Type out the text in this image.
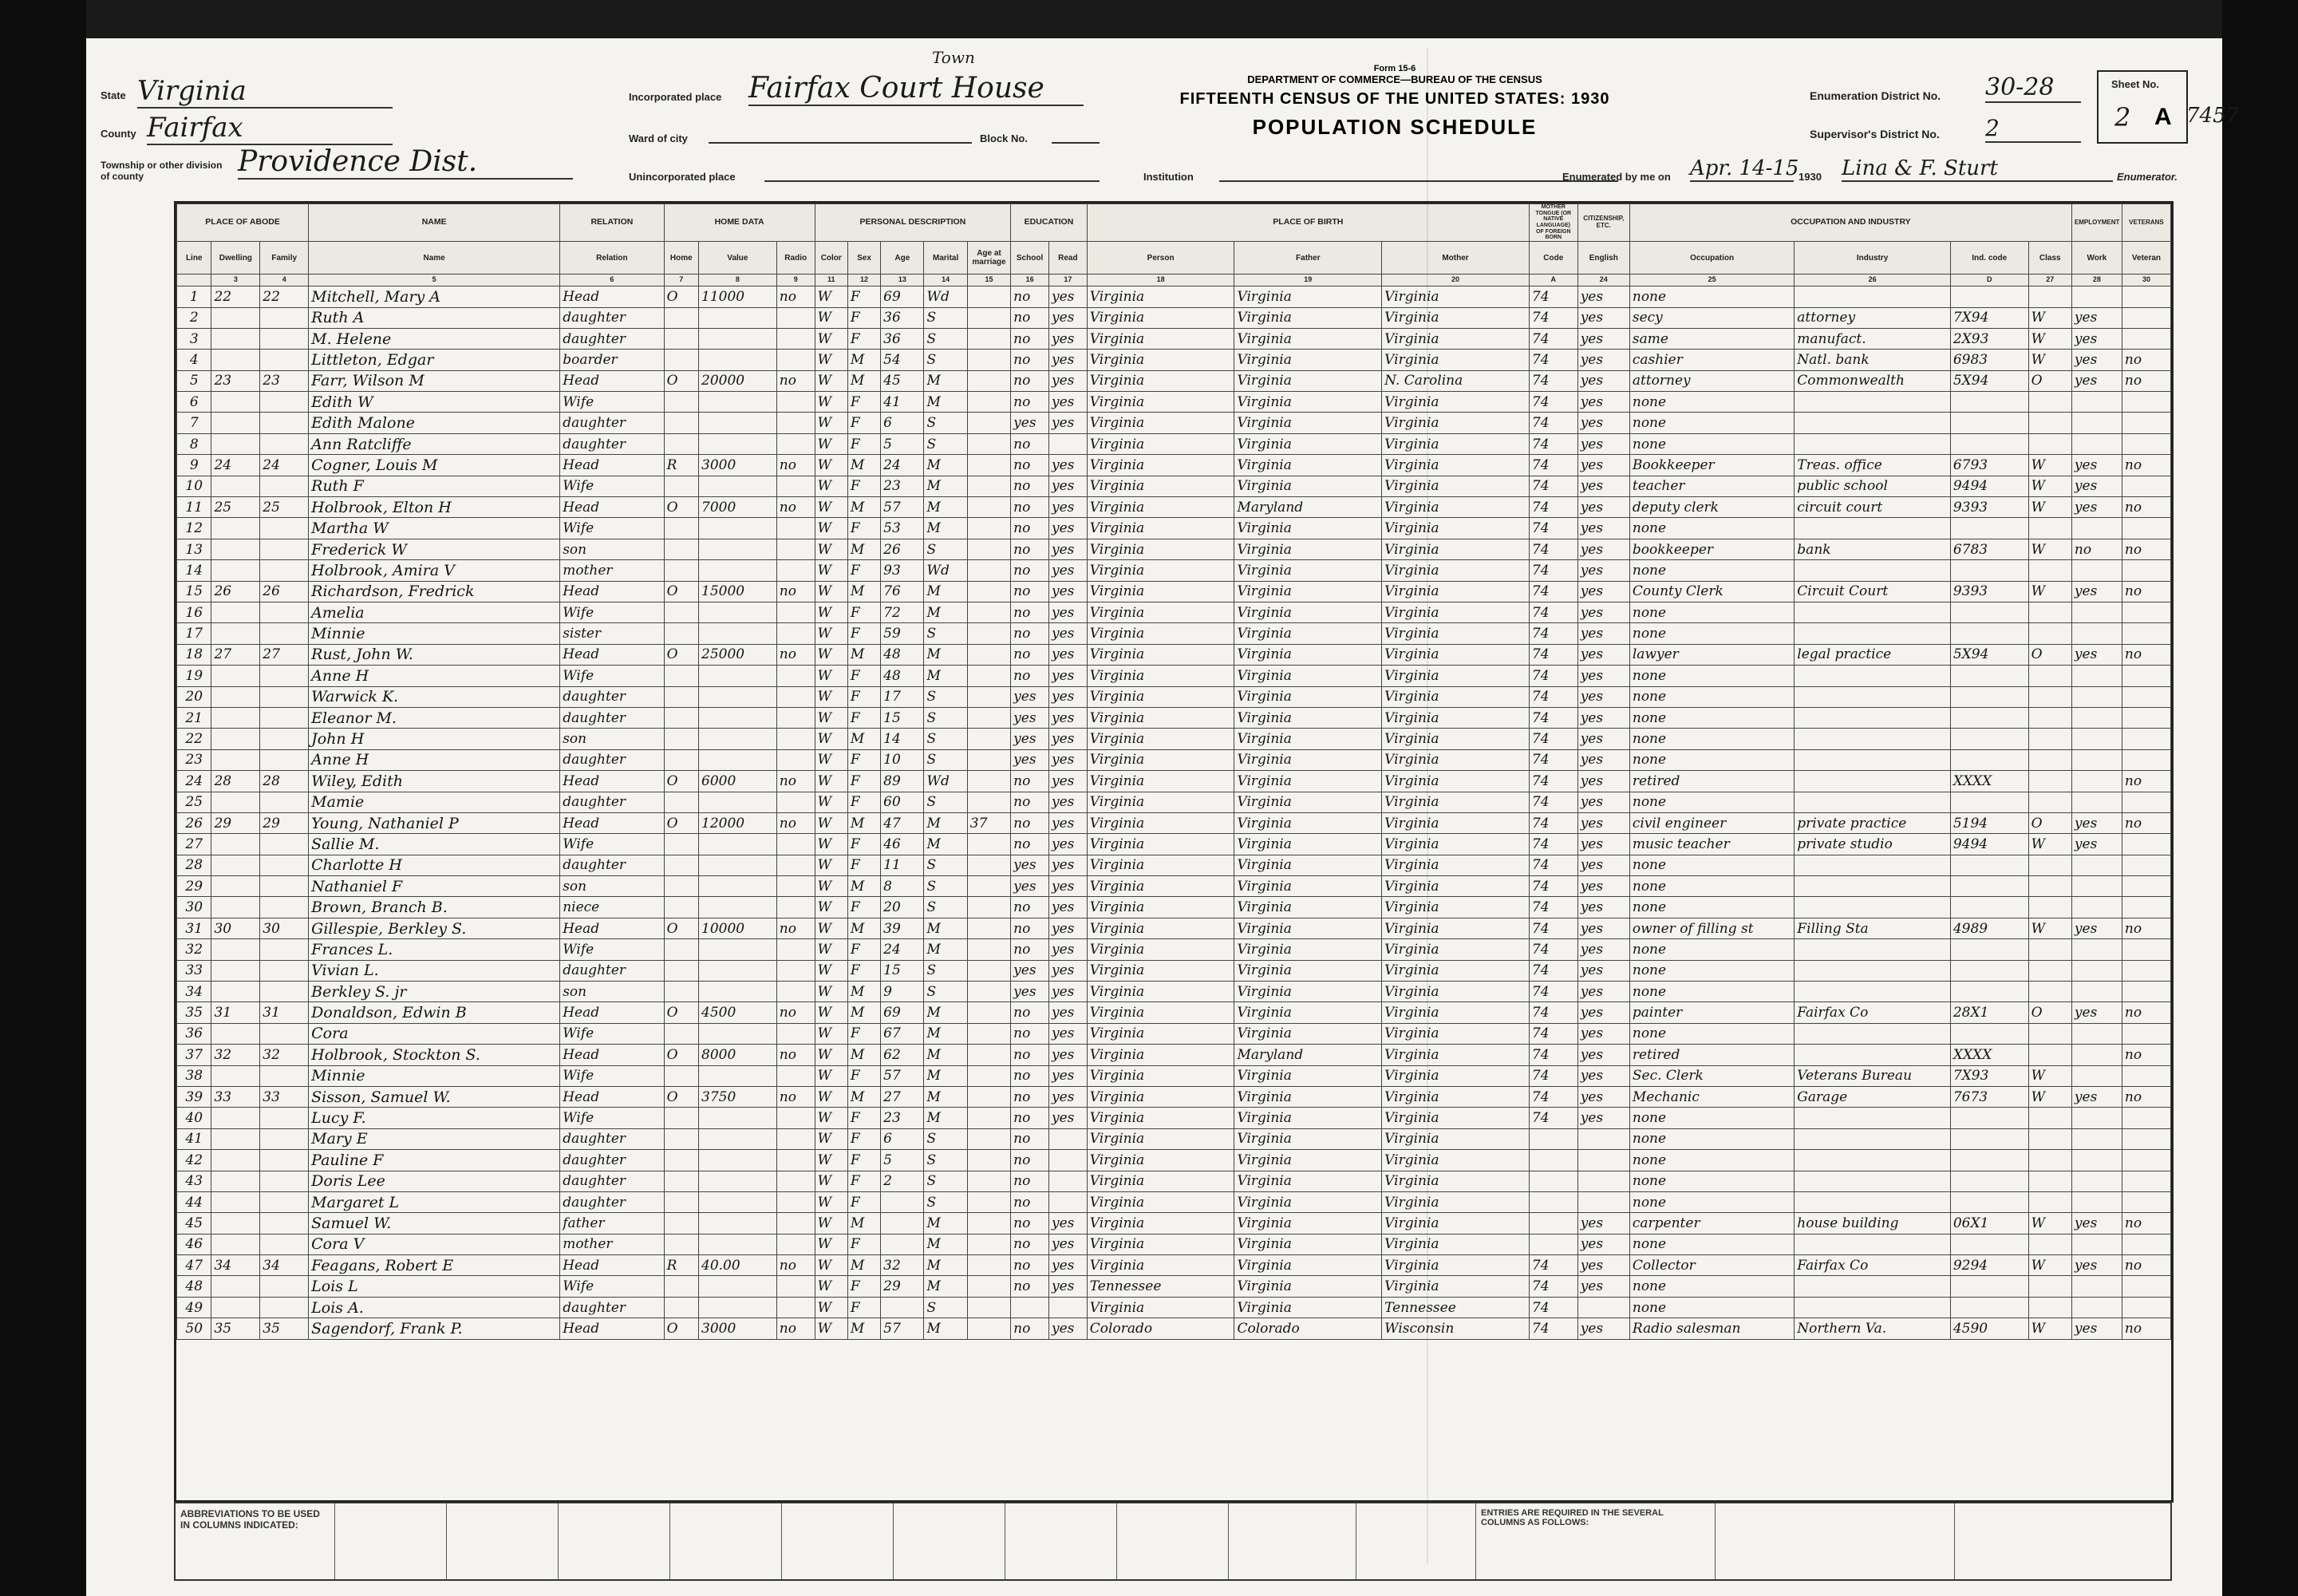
State Virginia
County Fairfax
Township or other division of county	Providence Dist.
Incorporated place
Town
Fairfax Court House
Ward of city	Block No.
Unincorporated place
Form 15-6
DEPARTMENT OF COMMERCE—BUREAU OF THE CENSUS
FIFTEENTH CENSUS OF THE UNITED STATES: 1930
POPULATION SCHEDULE
Institution
Enumeration District No. 30-28
Supervisor's District No. 2
Sheet No.
2 A 7457
Enumerated by me on Apr. 14-15 1930 Lina & F. Sturt	Enumerator.
PLACE OF ABODE			NAME	RELATION	HOME DATA			PERSONAL DESCRIPTION					EDUCATION		PLACE OF BIRTH			MOTHER TONGUE (OR NATIVE LANGUAGE) OF FOREIGN BORN	CITIZENSHIP, ETC.	OCCUPATION AND INDUSTRY				EMPLOYMENT	VETERANS
Line	Dwelling	Family	Name	Relation	Home	Value	Radio	Color	Sex	Age	Marital	Age at marriage	School	Read	Person	Father	Mother	Code	English	Occupation	Industry	Ind. code	Class	Work	Veteran
	3	4	5	6	7	8	9	11	12	13	14	15	16	17	18	19	20	A	24	25	26	D	27	28	30
1	22	22	Mitchell, Mary A	Head	O	11000	no	W	F	69	Wd		no	yes	Virginia	Virginia	Virginia	74	yes	none					
2			Ruth A	daughter				W	F	36	S		no	yes	Virginia	Virginia	Virginia	74	yes	secy	attorney	7X94	W	yes	
3			M. Helene	daughter				W	F	36	S		no	yes	Virginia	Virginia	Virginia	74	yes	same	manufact.	2X93	W	yes	
4			Littleton, Edgar	boarder				W	M	54	S		no	yes	Virginia	Virginia	Virginia	74	yes	cashier	Natl. bank	6983	W	yes	no
5	23	23	Farr, Wilson M	Head	O	20000	no	W	M	45	M		no	yes	Virginia	Virginia	N. Carolina	74	yes	attorney	Commonwealth	5X94	O	yes	no
6			Edith W	Wife				W	F	41	M		no	yes	Virginia	Virginia	Virginia	74	yes	none					
7			Edith Malone	daughter				W	F	6	S		yes	yes	Virginia	Virginia	Virginia	74	yes	none					
8			Ann Ratcliffe	daughter				W	F	5	S		no		Virginia	Virginia	Virginia	74	yes	none					
9	24	24	Cogner, Louis M	Head	R	3000	no	W	M	24	M		no	yes	Virginia	Virginia	Virginia	74	yes	Bookkeeper	Treas. office	6793	W	yes	no
10			Ruth F	Wife				W	F	23	M		no	yes	Virginia	Virginia	Virginia	74	yes	teacher	public school	9494	W	yes	
11	25	25	Holbrook, Elton H	Head	O	7000	no	W	M	57	M		no	yes	Virginia	Maryland	Virginia	74	yes	deputy clerk	circuit court	9393	W	yes	no
12			Martha W	Wife				W	F	53	M		no	yes	Virginia	Virginia	Virginia	74	yes	none					
13			Frederick W	son				W	M	26	S		no	yes	Virginia	Virginia	Virginia	74	yes	bookkeeper	bank	6783	W	no	no
14			Holbrook, Amira V	mother				W	F	93	Wd		no	yes	Virginia	Virginia	Virginia	74	yes	none					
15	26	26	Richardson, Fredrick	Head	O	15000	no	W	M	76	M		no	yes	Virginia	Virginia	Virginia	74	yes	County Clerk	Circuit Court	9393	W	yes	no
16			Amelia	Wife				W	F	72	M		no	yes	Virginia	Virginia	Virginia	74	yes	none					
17			Minnie	sister				W	F	59	S		no	yes	Virginia	Virginia	Virginia	74	yes	none					
18	27	27	Rust, John W.	Head	O	25000	no	W	M	48	M		no	yes	Virginia	Virginia	Virginia	74	yes	lawyer	legal practice	5X94	O	yes	no
19			Anne H	Wife				W	F	48	M		no	yes	Virginia	Virginia	Virginia	74	yes	none					
20			Warwick K.	daughter				W	F	17	S		yes	yes	Virginia	Virginia	Virginia	74	yes	none					
21			Eleanor M.	daughter				W	F	15	S		yes	yes	Virginia	Virginia	Virginia	74	yes	none					
22			John H	son				W	M	14	S		yes	yes	Virginia	Virginia	Virginia	74	yes	none					
23			Anne H	daughter				W	F	10	S		yes	yes	Virginia	Virginia	Virginia	74	yes	none					
24	28	28	Wiley, Edith	Head	O	6000	no	W	F	89	Wd		no	yes	Virginia	Virginia	Virginia	74	yes	retired		XXXX			no
25			Mamie	daughter				W	F	60	S		no	yes	Virginia	Virginia	Virginia	74	yes	none					
26	29	29	Young, Nathaniel P	Head	O	12000	no	W	M	47	M	37	no	yes	Virginia	Virginia	Virginia	74	yes	civil engineer	private practice	5194	O	yes	no
27			Sallie M.	Wife				W	F	46	M		no	yes	Virginia	Virginia	Virginia	74	yes	music teacher	private studio	9494	W	yes	
28			Charlotte H	daughter				W	F	11	S		yes	yes	Virginia	Virginia	Virginia	74	yes	none					
29			Nathaniel F	son				W	M	8	S		yes	yes	Virginia	Virginia	Virginia	74	yes	none					
30			Brown, Branch B.	niece				W	F	20	S		no	yes	Virginia	Virginia	Virginia	74	yes	none					
31	30	30	Gillespie, Berkley S.	Head	O	10000	no	W	M	39	M		no	yes	Virginia	Virginia	Virginia	74	yes	owner of filling st	Filling Sta	4989	W	yes	no
32			Frances L.	Wife				W	F	24	M		no	yes	Virginia	Virginia	Virginia	74	yes	none					
33			Vivian L.	daughter				W	F	15	S		yes	yes	Virginia	Virginia	Virginia	74	yes	none					
34			Berkley S. jr	son				W	M	9	S		yes	yes	Virginia	Virginia	Virginia	74	yes	none					
35	31	31	Donaldson, Edwin B	Head	O	4500	no	W	M	69	M		no	yes	Virginia	Virginia	Virginia	74	yes	painter	Fairfax Co	28X1	O	yes	no
36			Cora	Wife				W	F	67	M		no	yes	Virginia	Virginia	Virginia	74	yes	none					
37	32	32	Holbrook, Stockton S.	Head	O	8000	no	W	M	62	M		no	yes	Virginia	Maryland	Virginia	74	yes	retired		XXXX			no
38			Minnie	Wife				W	F	57	M		no	yes	Virginia	Virginia	Virginia	74	yes	Sec. Clerk	Veterans Bureau	7X93	W		
39	33	33	Sisson, Samuel W.	Head	O	3750	no	W	M	27	M		no	yes	Virginia	Virginia	Virginia	74	yes	Mechanic	Garage	7673	W	yes	no
40			Lucy F.	Wife				W	F	23	M		no	yes	Virginia	Virginia	Virginia	74	yes	none					
41			Mary E	daughter				W	F	6	S		no		Virginia	Virginia	Virginia			none					
42			Pauline F	daughter				W	F	5	S		no		Virginia	Virginia	Virginia			none					
43			Doris Lee	daughter				W	F	2	S		no		Virginia	Virginia	Virginia			none					
44			Margaret L	daughter				W	F		S		no		Virginia	Virginia	Virginia			none					
45			Samuel W.	father				W	M		M		no	yes	Virginia	Virginia	Virginia		yes	carpenter	house building	06X1	W	yes	no
46			Cora V	mother				W	F		M		no	yes	Virginia	Virginia	Virginia		yes	none					
47	34	34	Feagans, Robert E	Head	R	40.00	no	W	M	32	M		no	yes	Virginia	Virginia	Virginia	74	yes	Collector	Fairfax Co	9294	W	yes	no
48			Lois L	Wife				W	F	29	M		no	yes	Tennessee	Virginia	Virginia	74	yes	none					
49			Lois A.	daughter				W	F		S				Virginia	Virginia	Tennessee	74		none					
50	35	35	Sagendorf, Frank P.	Head	O	3000	no	W	M	57	M		no	yes	Colorado	Colorado	Wisconsin	74	yes	Radio salesman	Northern Va.	4590	W	yes	no
ABBREVIATIONS TO BE USED IN COLUMNS INDICATED:
ENTRIES ARE REQUIRED IN THE SEVERAL COLUMNS AS FOLLOWS:
